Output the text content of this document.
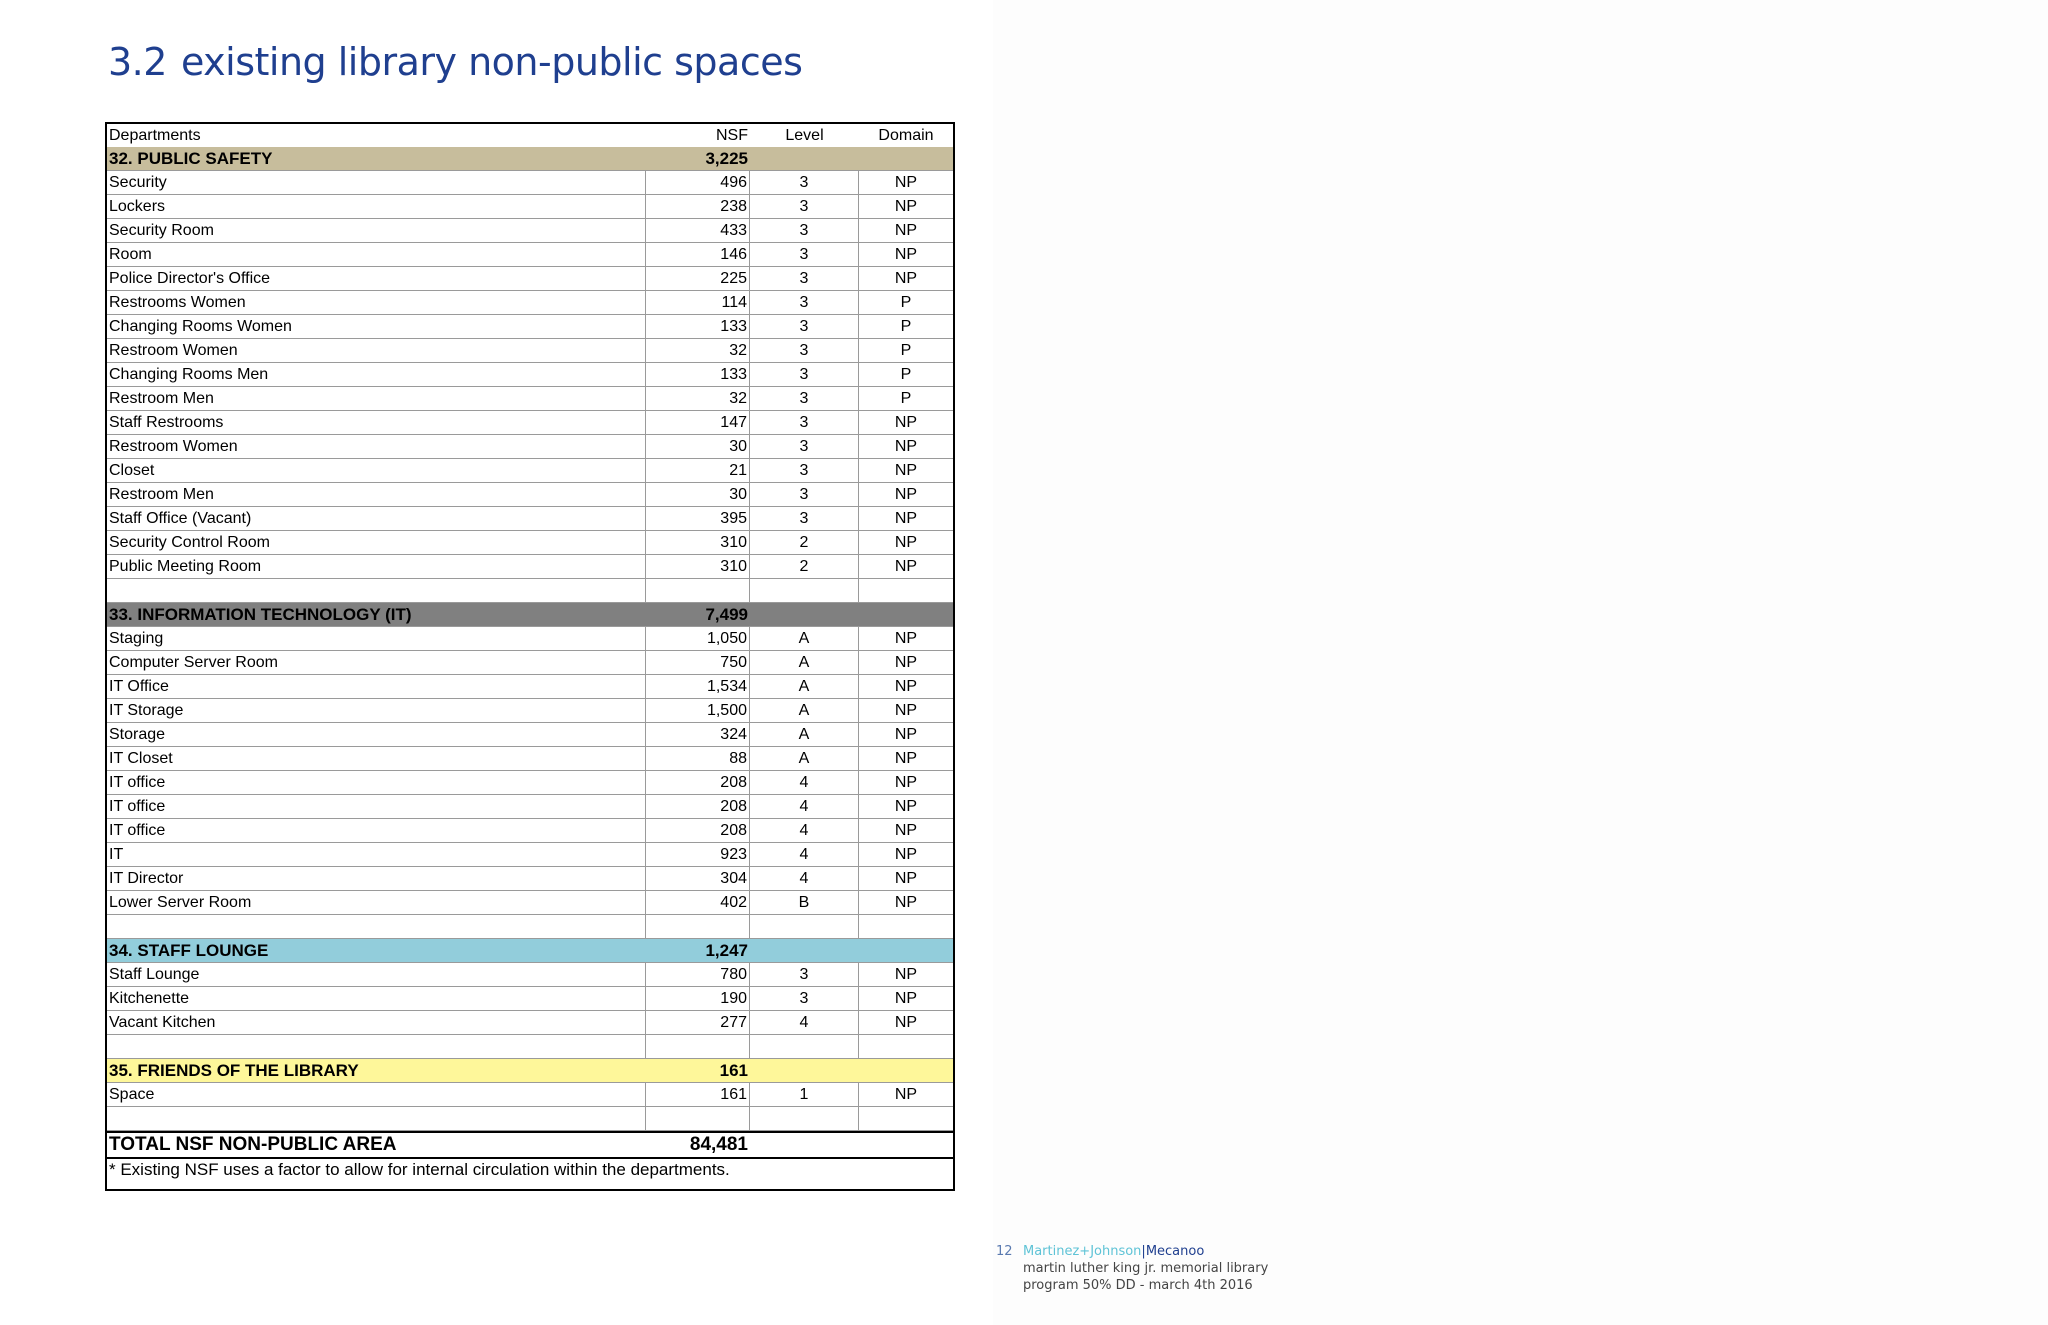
3.2 existing library non-public spaces
Departments	NSF	Level	Domain
32. PUBLIC SAFETY	3,225
Security	496	3	NP
Lockers	238	3	NP
Security Room	433	3	NP
Room	146	3	NP
Police Director's Office	225	3	NP
Restrooms Women	114	3	P
Changing Rooms Women	133	3	P
Restroom Women	32	3	P
Changing Rooms Men	133	3	P
Restroom Men	32	3	P
Staff Restrooms	147	3	NP
Restroom Women	30	3	NP
Closet	21	3	NP
Restroom Men	30	3	NP
Staff Office (Vacant)	395	3	NP
Security Control Room	310	2	NP
Public Meeting Room	310	2	NP
33. INFORMATION TECHNOLOGY (IT)	7,499
Staging	1,050	A	NP
Computer Server Room	750	A	NP
IT Office	1,534	A	NP
IT Storage	1,500	A	NP
Storage	324	A	NP
IT Closet	88	A	NP
IT office	208	4	NP
IT office	208	4	NP
IT office	208	4	NP
IT	923	4	NP
IT Director	304	4	NP
Lower Server Room	402	B	NP
34. STAFF LOUNGE	1,247
Staff Lounge	780	3	NP
Kitchenette	190	3	NP
Vacant Kitchen	277	4	NP
35. FRIENDS OF THE LIBRARY	161
Space	161	1	NP
TOTAL NSF NON-PUBLIC AREA	84,481
* Existing NSF uses a factor to allow for internal circulation within the departments.
12 Martinez+Johnson|Mecanoo
martin luther king jr. memorial library
program 50% DD - march 4th 2016
